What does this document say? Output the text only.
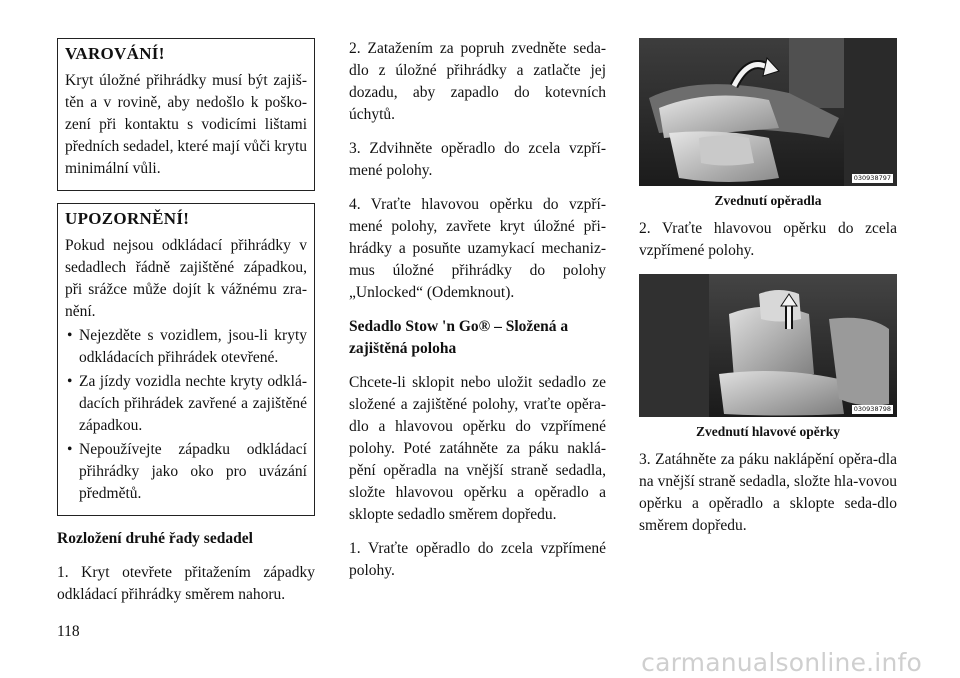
VAROVÁNÍ!

Kryt úložné přihrádky musí být zajiš-těn a v rovině, aby nedošlo k poško-zení při kontaktu s vodicími lištami předních sedadel, které mají vůči krytu minimální vůli.

UPOZORNĚNÍ!

Pokud nejsou odkládací přihrádky v sedadlech řádně zajištěné západkou, při srážce může dojít k vážnému zra-nění.

• Nejezděte s vozidlem, jsou-li kryty odkládacích přihrádek otevřené.
• Za jízdy vozidla nechte kryty odklá-dacích přihrádek zavřené a zajištěné západkou.
• Nepoužívejte západku odkládací přihrádky jako oko pro uvázání předmětů.
Rozložení druhé řady sedadel

1. Kryt otevřete přitažením západky odkládací přihrádky směrem nahoru.

2. Zatažením za popruh zvedněte seda-dlo z úložné přihrádky a zatlačte jej dozadu, aby zapadlo do kotevních úchytů.

3. Zdvihněte opěradlo do zcela vzpří-mené polohy.

4. Vraťte hlavovou opěrku do vzpří-mené polohy, zavřete kryt úložné při-hrádky a posuňte uzamykací mechaniz-mus úložné přihrádky do polohy „Unlocked“ (Odemknout).

Sedadlo Stow 'n Go® – Složená a zajištěná poloha

Chcete-li sklopit nebo uložit sedadlo ze složené a zajištěné polohy, vraťte opěra-dlo a hlavovou opěrku do vzpřímené polohy. Poté zatáhněte za páku naklá-pění opěradla na vnější straně sedadla, složte hlavovou opěrku a opěradlo a sklopte sedadlo směrem dopředu.

1. Vraťte opěradlo do zcela vzpřímené polohy.

030938797
Zvednutí opěradla

2. Vraťte hlavovou opěrku do zcela vzpřímené polohy.

030938798
Zvednutí hlavové opěrky

3. Zatáhněte za páku naklápění opěra-dla na vnější straně sedadla, složte hla-vovou opěrku a opěradlo a sklopte seda-dlo směrem dopředu.

118
carmanualsonline.info
